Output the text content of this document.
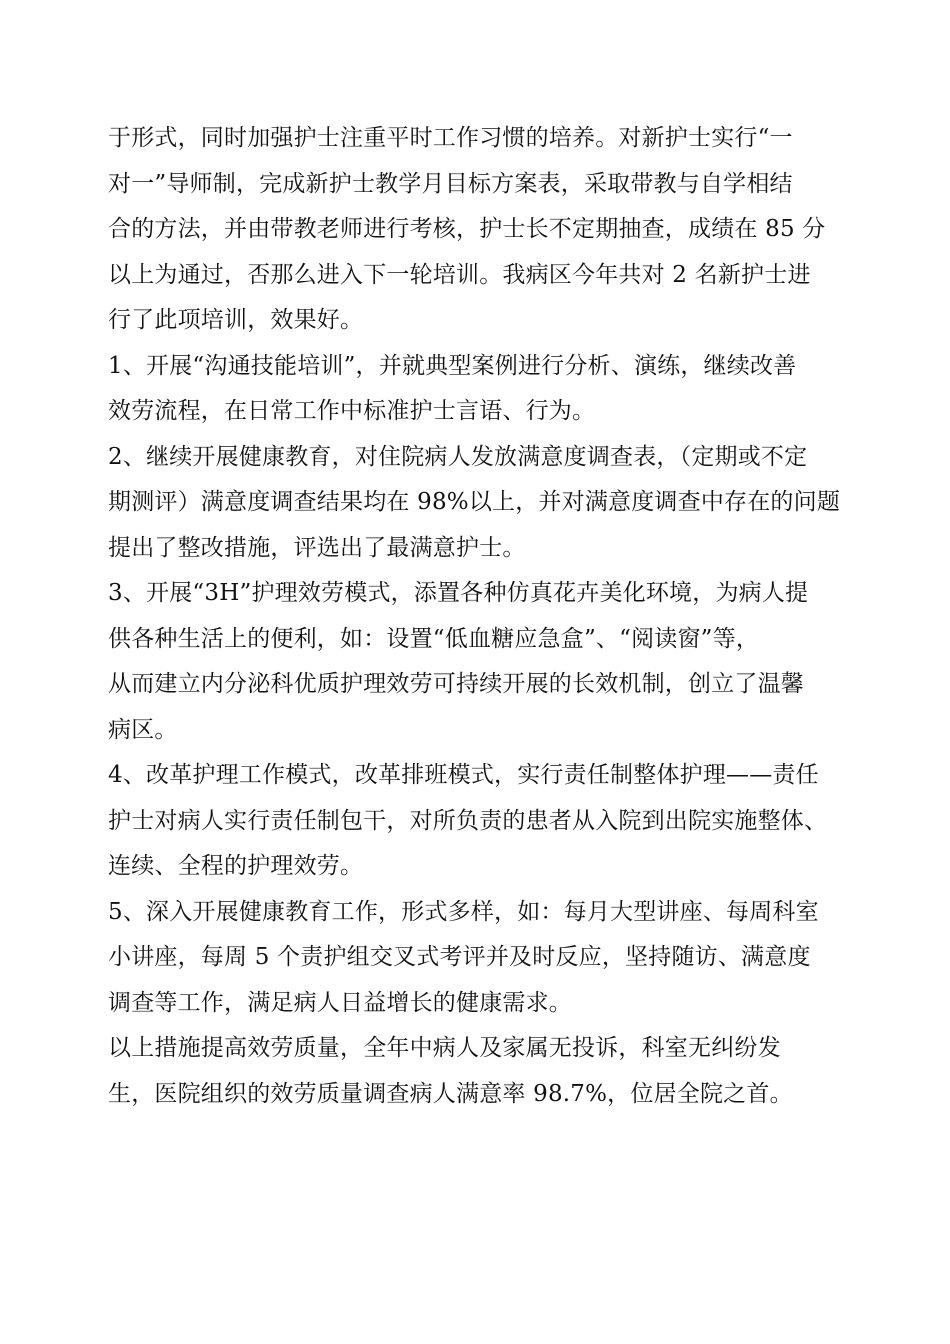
于形式，同时加强护士注重平时工作习惯的培养。对新护士实行“一
对一”导师制，完成新护士教学月目标方案表，采取带教与自学相结
合的方法，并由带教老师进行考核，护士长不定期抽查，成绩在 85 分
以上为通过，否那么进入下一轮培训。我病区今年共对 2 名新护士进
行了此项培训，效果好。
1、开展“沟通技能培训”，并就典型案例进行分析、演练，继续改善
效劳流程，在日常工作中标准护士言语、行为。
2、继续开展健康教育，对住院病人发放满意度调查表，（定期或不定
期测评）满意度调查结果均在 98%以上，并对满意度调查中存在的问题
提出了整改措施，评选出了最满意护士。
3、开展“3H”护理效劳模式，添置各种仿真花卉美化环境，为病人提
供各种生活上的便利，如：设置“低血糖应急盒”、“阅读窗”等，
从而建立内分泌科优质护理效劳可持续开展的长效机制，创立了温馨
病区。
4、改革护理工作模式，改革排班模式，实行责任制整体护理——责任
护士对病人实行责任制包干，对所负责的患者从入院到出院实施整体、
连续、全程的护理效劳。
5、深入开展健康教育工作，形式多样，如：每月大型讲座、每周科室
小讲座，每周 5 个责护组交叉式考评并及时反应，坚持随访、满意度
调查等工作，满足病人日益增长的健康需求。
以上措施提高效劳质量，全年中病人及家属无投诉，科室无纠纷发
生，医院组织的效劳质量调查病人满意率 98.7%，位居全院之首。
